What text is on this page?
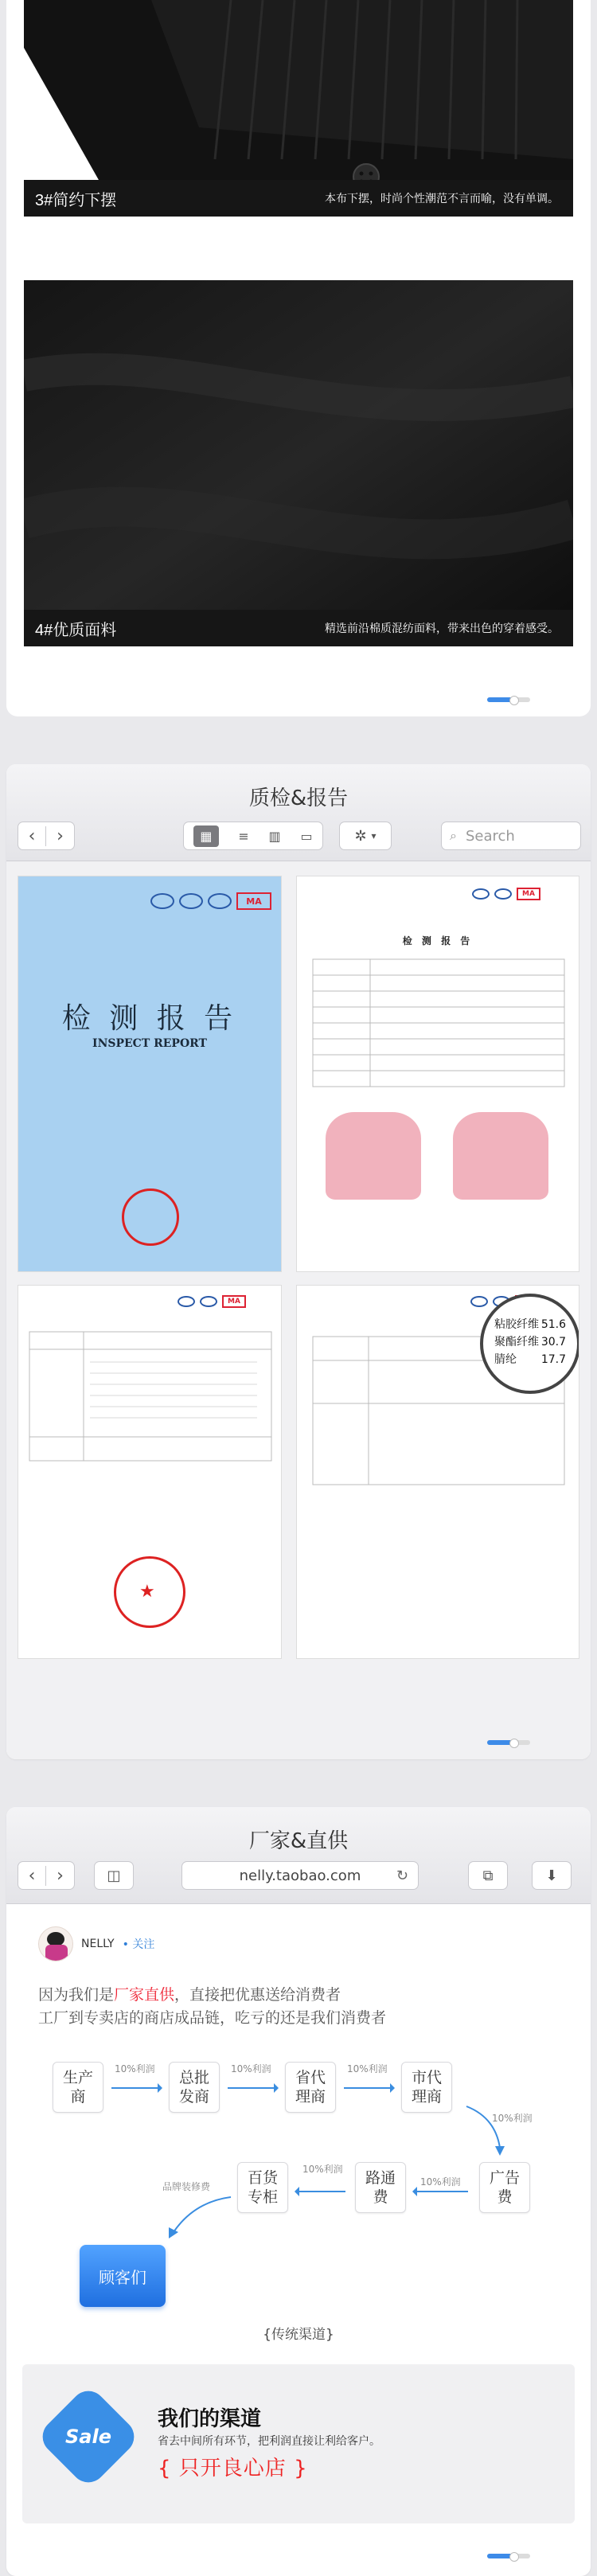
3#简约下摆	本布下摆，时尚个性潮范不言而喻，没有单调。
4#优质面料	精选前沿棉质混纺面料，带来出色的穿着感受。
质检&报告
‹	›	▦	≡ ▥ ▭	✲ ▾	⌕ Search
MA
检 测 报 告
INSPECT REPORT
MA
检 测 报 告
MA
★
粘胶纤维 51.6
聚酯纤维 30.7
腈纶 17.7
厂家&直供
‹	›	◫	nelly.taobao.com ↻	⧉	⬇
NELLY • 关注
因为我们是厂家直供，直接把优惠送给消费者
工厂到专卖店的商店成品链，吃亏的还是我们消费者
生产商
10%利润 总批发商
10%利润 省代理商
10%利润 市代理商
10%利润
广告费
10%利润
路通费
10%利润
百货专柜
品牌装修费
顾客们
{传统渠道}
Sale
我们的渠道
省去中间所有环节，把利润直接让利给客户。
{ 只开良心店 }
